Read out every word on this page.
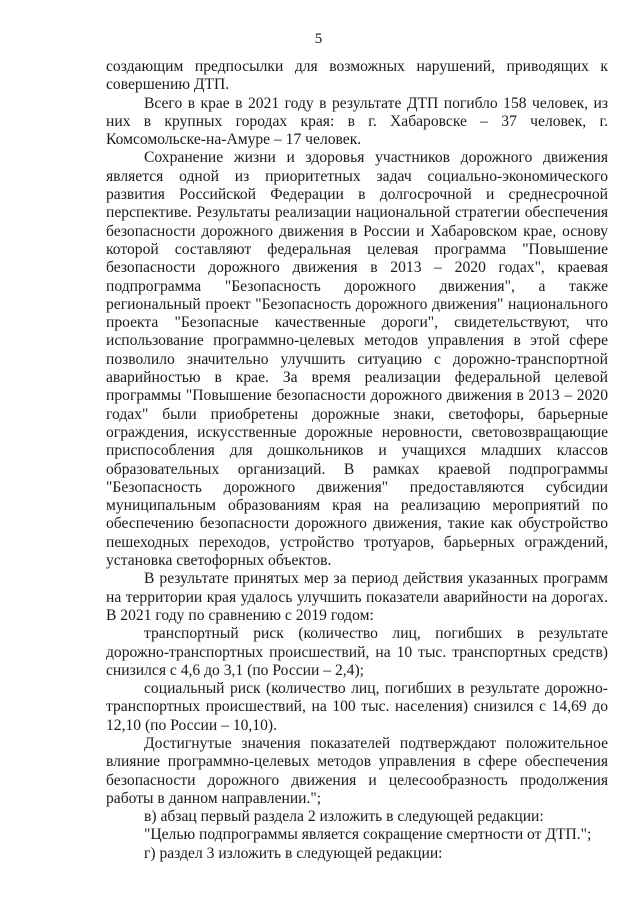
5

создающим предпосылки для возможных нарушений, приводящих к совершению ДТП.

Всего в крае в 2021 году в результате ДТП погибло 158 человек, из них в крупных городах края: в г. Хабаровске – 37 человек, г. Комсомольске-на-Амуре – 17 человек.

Сохранение жизни и здоровья участников дорожного движения является одной из приоритетных задач социально-экономического развития Российской Федерации в долгосрочной и среднесрочной перспективе. Результаты реализации национальной стратегии обеспечения безопасности дорожного движения в России и Хабаровском крае, основу которой составляют федеральная целевая программа "Повышение безопасности дорожного движения в 2013 – 2020 годах", краевая подпрограмма "Безопасность дорожного движения", а также региональный проект "Безопасность дорожного движения" национального проекта "Безопасные качественные дороги", свидетельствуют, что использование программно-целевых методов управления в этой сфере позволило значительно улучшить ситуацию с дорожно-транспортной аварийностью в крае. За время реализации федеральной целевой программы "Повышение безопасности дорожного движения в 2013 – 2020 годах" были приобретены дорожные знаки, светофоры, барьерные ограждения, искусственные дорожные неровности, световозвращающие приспособления для дошкольников и учащихся младших классов образовательных организаций. В рамках краевой подпрограммы "Безопасность дорожного движения" предоставляются субсидии муниципальным образованиям края на реализацию мероприятий по обеспечению безопасности дорожного движения, такие как обустройство пешеходных переходов, устройство тротуаров, барьерных ограждений, установка светофорных объектов.

В результате принятых мер за период действия указанных программ на территории края удалось улучшить показатели аварийности на дорогах. В 2021 году по сравнению с 2019 годом:

транспортный риск (количество лиц, погибших в результате дорожно-транспортных происшествий, на 10 тыс. транспортных средств) снизился с 4,6 до 3,1 (по России – 2,4);

социальный риск (количество лиц, погибших в результате дорожно-транспортных происшествий, на 100 тыс. населения) снизился с 14,69 до 12,10 (по России – 10,10).

Достигнутые значения показателей подтверждают положительное влияние программно-целевых методов управления в сфере обеспечения безопасности дорожного движения и целесообразность продолжения работы в данном направлении.";

в) абзац первый раздела 2 изложить в следующей редакции:

"Целью подпрограммы является сокращение смертности от ДТП.";

г) раздел 3 изложить в следующей редакции:
